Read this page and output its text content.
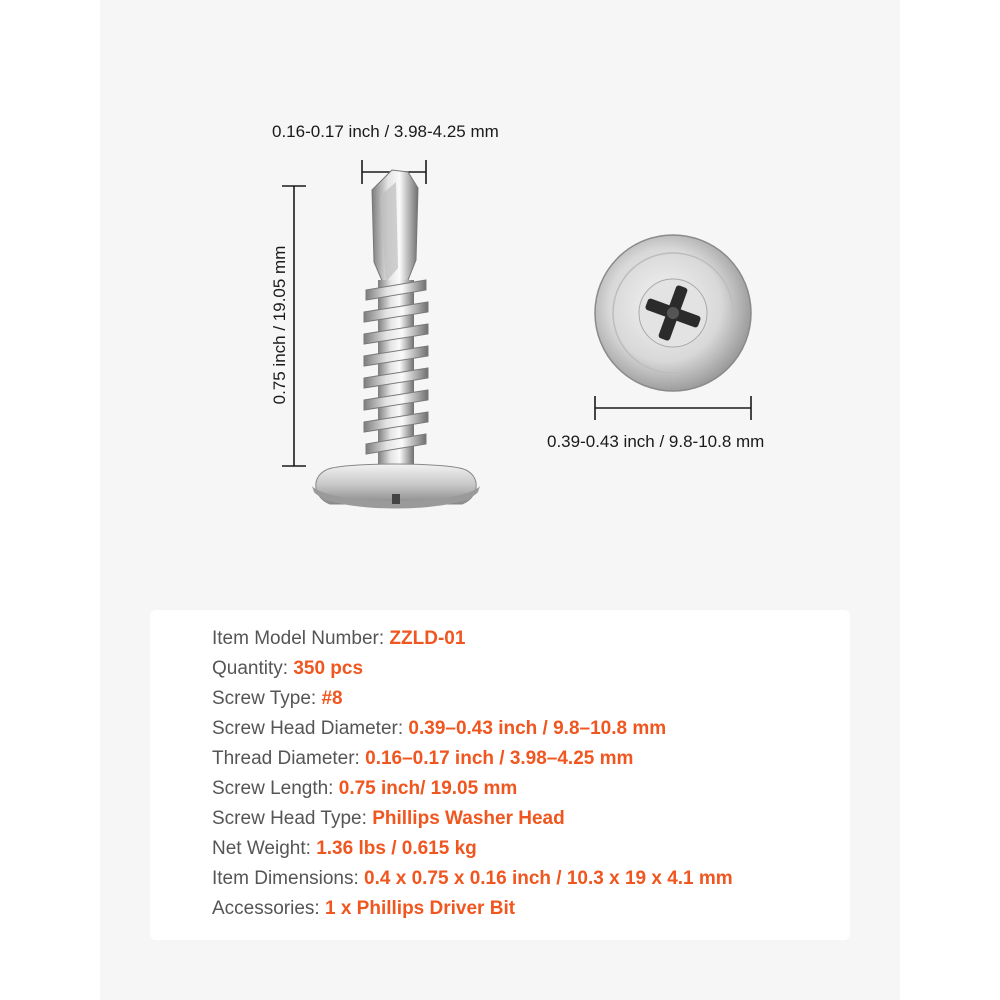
0.16-0.17 inch / 3.98-4.25 mm
0.75 inch / 19.05 mm
0.39-0.43 inch / 9.8-10.8 mm
Item Model Number: ZZLD-01
Quantity: 350 pcs
Screw Type: #8
Screw Head Diameter: 0.39–0.43 inch / 9.8–10.8 mm
Thread Diameter: 0.16–0.17 inch / 3.98–4.25 mm
Screw Length: 0.75 inch/ 19.05 mm
Screw Head Type: Phillips Washer Head
Net Weight: 1.36 lbs / 0.615 kg
Item Dimensions: 0.4 x 0.75 x 0.16 inch / 10.3 x 19 x 4.1 mm
Accessories: 1 x Phillips Driver Bit
